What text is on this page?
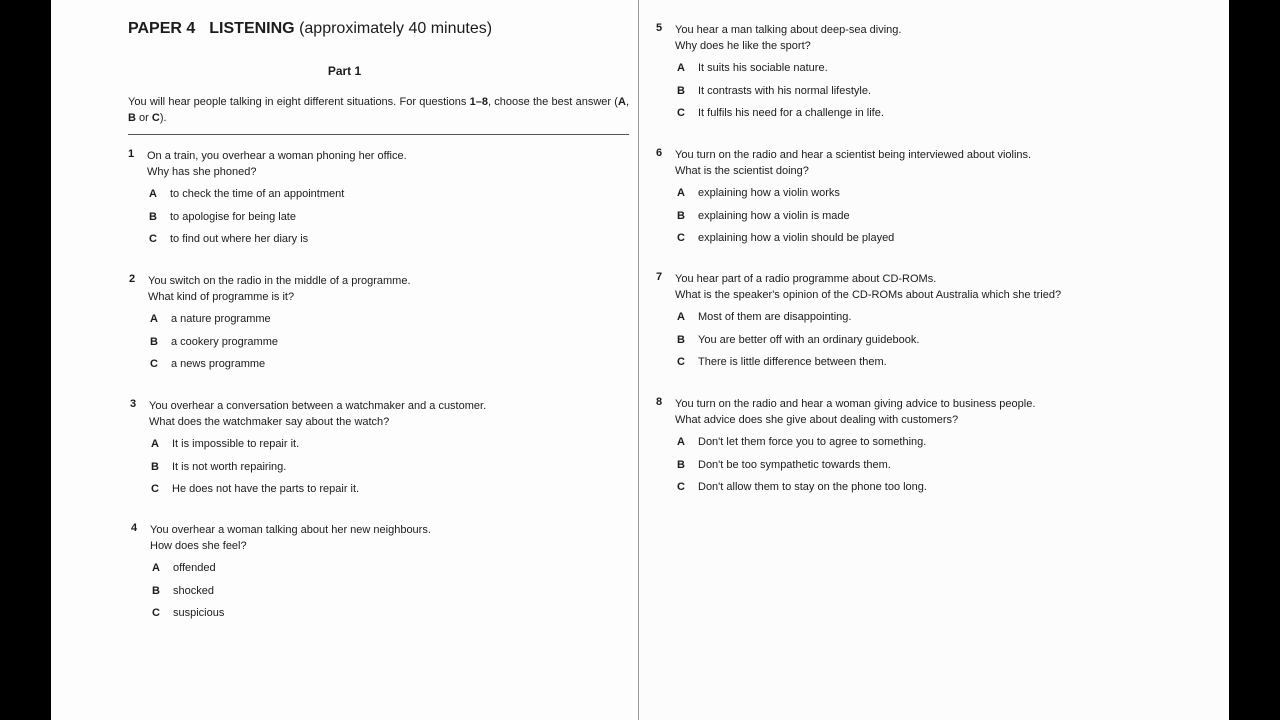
PAPER 4 LISTENING (approximately 40 minutes)
Part 1
You will hear people talking in eight different situations. For questions 1–8, choose the best answer (A, B or C).
1 On a train, you overhear a woman phoning her office.
Why has she phoned?
A to check the time of an appointment
B to apologise for being late
C to find out where her diary is
2 You switch on the radio in the middle of a programme.
What kind of programme is it?
A a nature programme
B a cookery programme
C a news programme
3 You overhear a conversation between a watchmaker and a customer.
What does the watchmaker say about the watch?
A It is impossible to repair it.
B It is not worth repairing.
C He does not have the parts to repair it.
4 You overhear a woman talking about her new neighbours.
How does she feel?
A offended
B shocked
C suspicious
5 You hear a man talking about deep-sea diving.
Why does he like the sport?
A It suits his sociable nature.
B It contrasts with his normal lifestyle.
C It fulfils his need for a challenge in life.
6 You turn on the radio and hear a scientist being interviewed about violins.
What is the scientist doing?
A explaining how a violin works
B explaining how a violin is made
C explaining how a violin should be played
7 You hear part of a radio programme about CD-ROMs.
What is the speaker's opinion of the CD-ROMs about Australia which she tried?
A Most of them are disappointing.
B You are better off with an ordinary guidebook.
C There is little difference between them.
8 You turn on the radio and hear a woman giving advice to business people.
What advice does she give about dealing with customers?
A Don't let them force you to agree to something.
B Don't be too sympathetic towards them.
C Don't allow them to stay on the phone too long.
